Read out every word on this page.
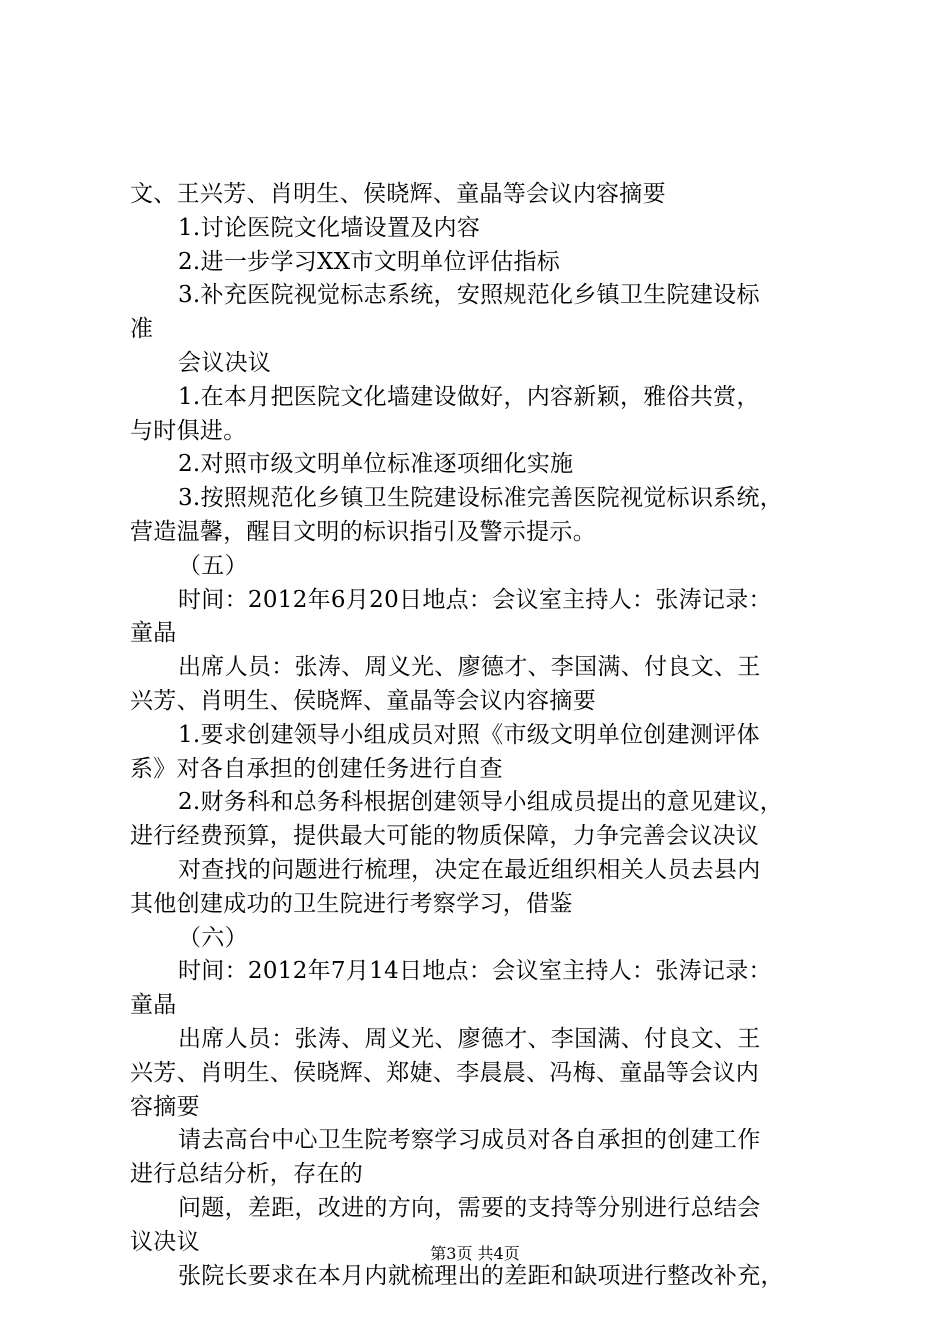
文、王兴芳、肖明生、侯晓辉、童晶等会议内容摘要
1.讨论医院文化墙设置及内容
2.进一步学习XX市文明单位评估指标
3.补充医院视觉标志系统，安照规范化乡镇卫生院建设标
准
会议决议
1.在本月把医院文化墙建设做好，内容新颖，雅俗共赏，
与时俱进。
2.对照市级文明单位标准逐项细化实施
3.按照规范化乡镇卫生院建设标准完善医院视觉标识系统，
营造温馨，醒目文明的标识指引及警示提示。
（五）
时间：2012年6月20日地点：会议室主持人：张涛记录：
童晶
出席人员：张涛、周义光、廖德才、李国满、付良文、王
兴芳、肖明生、侯晓辉、童晶等会议内容摘要
1.要求创建领导小组成员对照《市级文明单位创建测评体
系》对各自承担的创建任务进行自查
2.财务科和总务科根据创建领导小组成员提出的意见建议，
进行经费预算，提供最大可能的物质保障，力争完善会议决议
对查找的问题进行梳理，决定在最近组织相关人员去县内
其他创建成功的卫生院进行考察学习，借鉴
（六）
时间：2012年7月14日地点：会议室主持人：张涛记录：
童晶
出席人员：张涛、周义光、廖德才、李国满、付良文、王
兴芳、肖明生、侯晓辉、郑婕、李晨晨、冯梅、童晶等会议内
容摘要
请去高台中心卫生院考察学习成员对各自承担的创建工作
进行总结分析，存在的
问题，差距，改进的方向，需要的支持等分别进行总结会
议决议
张院长要求在本月内就梳理出的差距和缺项进行整改补充，
第3页 共4页
